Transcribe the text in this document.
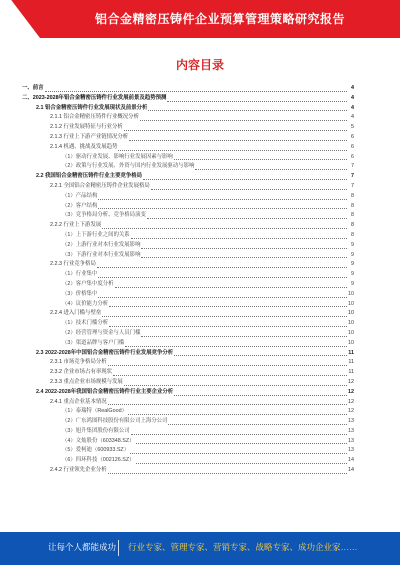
铝合金精密压铸件企业预算管理策略研究报告
内容目录
一、前言	4
二、2023-2028年铝合金精密压铸件行业发展前景及趋势预测	4
2.1 铝合金精密压铸件行业发展现状及前景分析	4
2.1.1 铝合金精密压铸件行业概况分析	4
2.1.2 行业发展特征与行业分析	5
2.1.3 行业上下游产业链情况分析	6
2.1.4 机遇、挑战及发展趋势	6
（1）驱动行业发展、影响行业发展因素与影响	6
（2）政策与行业发展、外资与国内行业发展驱动与影响	7
2.2 我国铝合金精密压铸件行业主要竞争格局	7
2.2.1 全国铝合金精密压铸件企业发展格局	7
（1）产品结构	8
（2）客户结构	8
（3）竞争格局分析、竞争格局演变	8
2.2.2 行业上下游发展	8
（1）上下游行业之间的关系	8
（2）上游行业对本行业发展影响	9
（3）下游行业对本行业发展影响	9
2.2.3 行业竞争格局	9
（1）行业集中	9
（2）客户集中度分析	9
（3）价格集中	10
（4）议价能力分析	10
2.2.4 进入门槛与壁垒	10
（1）技术门槛分析	10
（2）经营管理与资金与人员门槛	10
（3）渠道品牌与客户门槛	10
2.3 2022-2028年中国铝合金精密压铸件行业发展竞争分析	11
2.3.1 市场竞争格局分析	11
2.3.2 企业市场占有率现状	11
2.3.3 重点企业市场规模与发展	12
2.4 2022-2028年我国铝合金精密压铸件行业主要企业分析	12
2.4.1 重点企业基本情况	12
（1）泰瑞特（RealGood）	12
（2）广东鸿图科技股份有限公司上海分公司	13
（3）旭升集团股份有限公司	13
（4）文灿股份（603348.SZ）	13
（5）爱柯迪（600933.SZ）	13
（6）四环科技（002126.SZ）	14
2.4.2 行业领先企业分析	14
让每个人都能成功 行业专家、管理专家、营销专家、战略专家、成功企业家……
